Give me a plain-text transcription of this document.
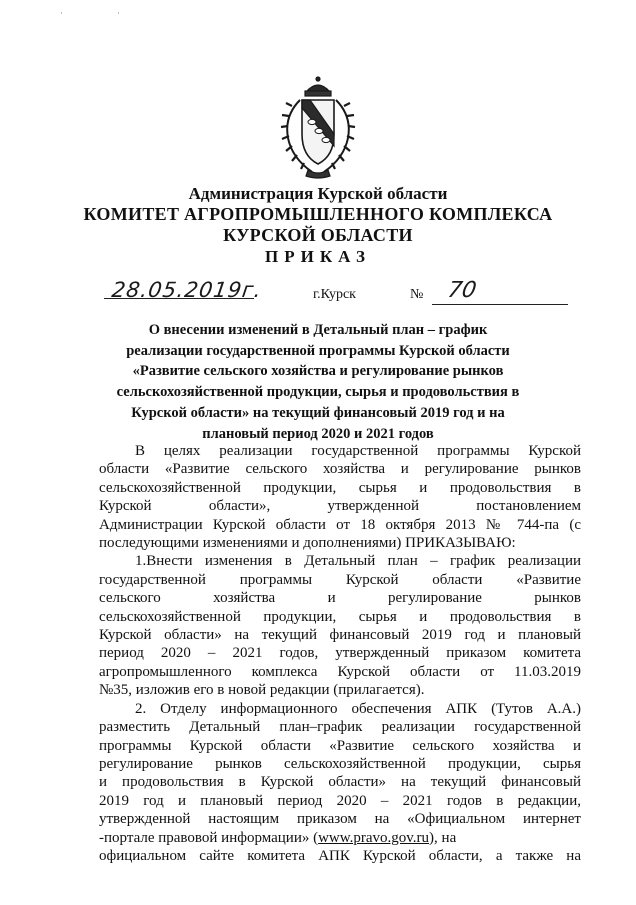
·                        ·
Администрация Курской области
КОМИТЕТ АГРОПРОМЫШЛЕННОГО КОМПЛЕКСА
КУРСКОЙ ОБЛАСТИ
ПРИКАЗ
28.05.2019г.	г.Курск	№ 70
О внесении изменений в Детальный план – график
реализации государственной программы Курской области
«Развитие сельского хозяйства и регулирование рынков
сельскохозяйственной продукции, сырья и продовольствия в
Курской области» на текущий финансовый 2019 год и на
плановый период 2020 и 2021 годов
В целях реализации государственной программы Курской
области «Развитие сельского хозяйства и регулирование рынков
сельскохозяйственной продукции, сырья и продовольствия в
Курской области», утвержденной постановлением
Администрации Курской области от 18 октября 2013 № 744-па (с
последующими изменениями и дополнениями) ПРИКАЗЫВАЮ:
1.Внести изменения в Детальный план – график реализации
государственной программы Курской области «Развитие
сельского хозяйства и регулирование рынков
сельскохозяйственной продукции, сырья и продовольствия в
Курской области» на текущий финансовый 2019 год и плановый
период 2020 – 2021 годов, утвержденный приказом комитета
агропромышленного комплекса Курской области от 11.03.2019
№35, изложив его в новой редакции (прилагается).
2. Отделу информационного обеспечения АПК (Тутов А.А.)
разместить Детальный план–график реализации государственной
программы Курской области «Развитие сельского хозяйства и
регулирование рынков сельскохозяйственной продукции, сырья
и продовольствия в Курской области» на текущий финансовый
2019 год и плановый период 2020 – 2021 годов в редакции,
утвержденной настоящим приказом на «Официальном интернет
-портале правовой информации» (www.pravo.gov.ru), на
официальном сайте комитета АПК Курской области, а также на
